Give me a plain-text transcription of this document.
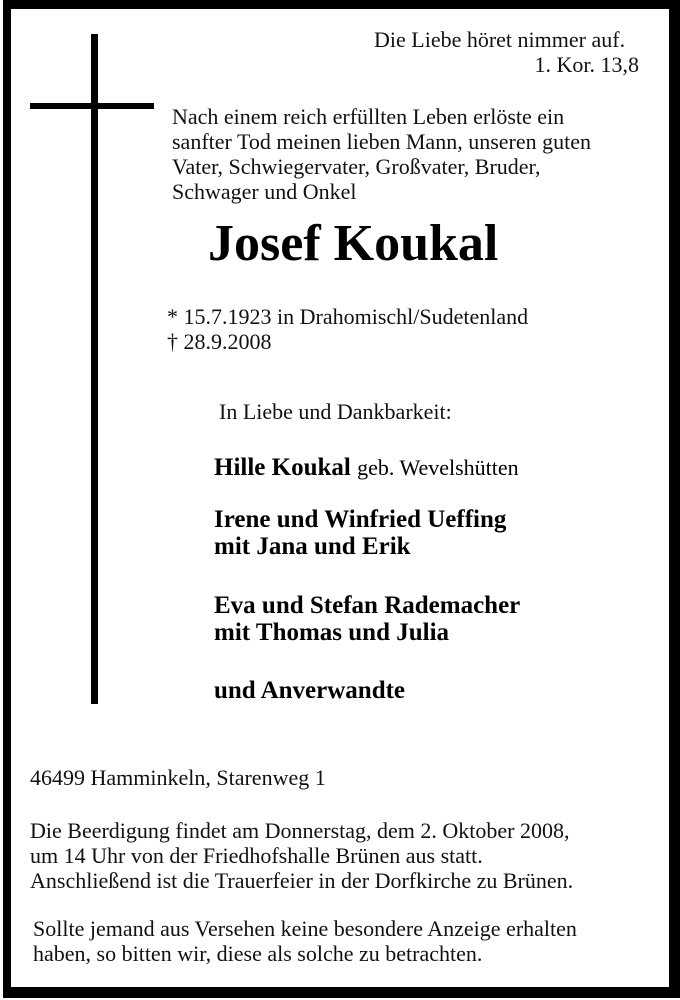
Die Liebe höret nimmer auf.
1. Kor. 13,8
Nach einem reich erfüllten Leben erlöste ein
sanfter Tod meinen lieben Mann, unseren guten
Vater, Schwiegervater, Großvater, Bruder,
Schwager und Onkel
Josef Koukal
* 15.7.1923 in Drahomischl/Sudetenland
† 28.9.2008
In Liebe und Dankbarkeit:
Hille Koukal geb. Wevelshütten
Irene und Winfried Ueffing
mit Jana und Erik
Eva und Stefan Rademacher
mit Thomas und Julia
und Anverwandte
46499 Hamminkeln, Starenweg 1
Die Beerdigung findet am Donnerstag, dem 2. Oktober 2008,
um 14 Uhr von der Friedhofshalle Brünen aus statt.
Anschließend ist die Trauerfeier in der Dorfkirche zu Brünen.
Sollte jemand aus Versehen keine besondere Anzeige erhalten
haben, so bitten wir, diese als solche zu betrachten.
